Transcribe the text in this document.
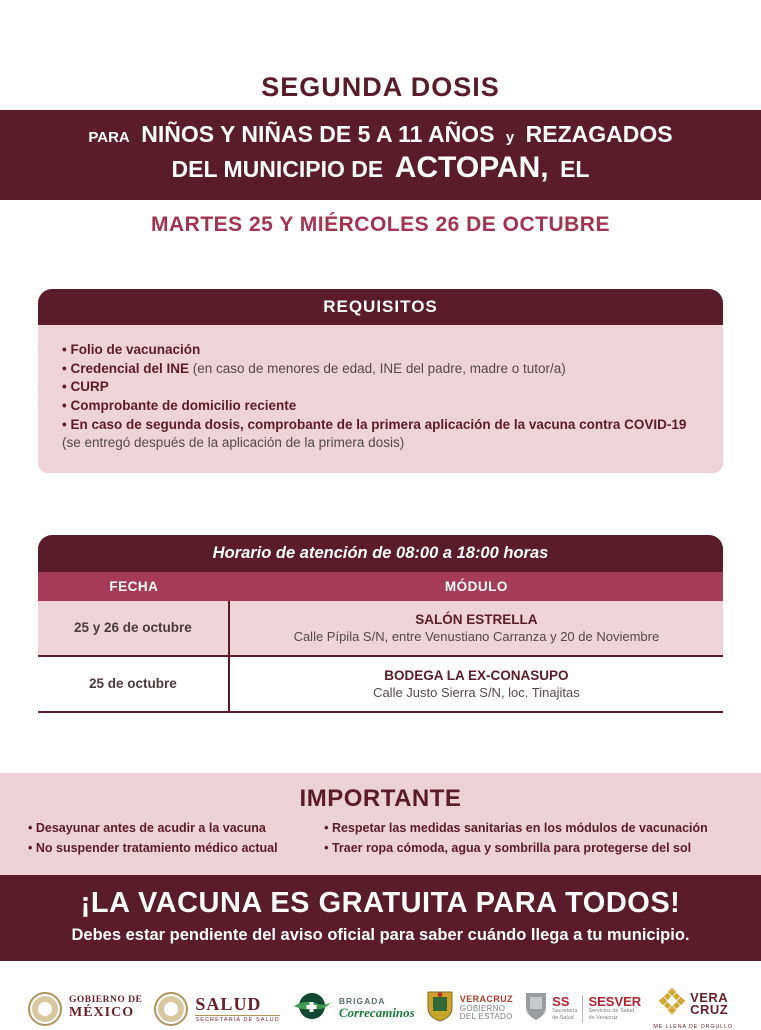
SEGUNDA DOSIS
PARA NIÑOS Y NIÑAS DE 5 A 11 AÑOS y REZAGADOS
DEL MUNICIPIO DE ACTOPAN, EL
MARTES 25 Y MIÉRCOLES 26 DE OCTUBRE
REQUISITOS
• Folio de vacunación
• Credencial del INE (en caso de menores de edad, INE del padre, madre o tutor/a)
• CURP
• Comprobante de domicilio reciente
• En caso de segunda dosis, comprobante de la primera aplicación de la vacuna contra COVID-19 (se entregó después de la aplicación de la primera dosis)
Horario de atención de 08:00 a 18:00 horas
FECHA	MÓDULO
25 y 26 de octubre
SALÓN ESTRELLA
Calle Pípila S/N, entre Venustiano Carranza y 20 de Noviembre
25 de octubre
BODEGA LA EX-CONASUPO
Calle Justo Sierra S/N, loc. Tinajitas
IMPORTANTE
• Desayunar antes de acudir a la vacuna
• No suspender tratamiento médico actual
• Respetar las medidas sanitarias en los módulos de vacunación
• Traer ropa cómoda, agua y sombrilla para protegerse del sol
¡LA VACUNA ES GRATUITA PARA TODOS!
Debes estar pendiente del aviso oficial para saber cuándo llega a tu municipio.
GOBIERNO DE
MÉXICO	SALUD
SECRETARÍA DE SALUD
BRIGADA
Correcaminos
VERACRUZ
GOBIERNO
DEL ESTADO
SS
Secretaría
de Salud
SESVER
Servicios de Salud
de Veracruz
VERA
CRUZ
ME LLENA DE ORGULLO
